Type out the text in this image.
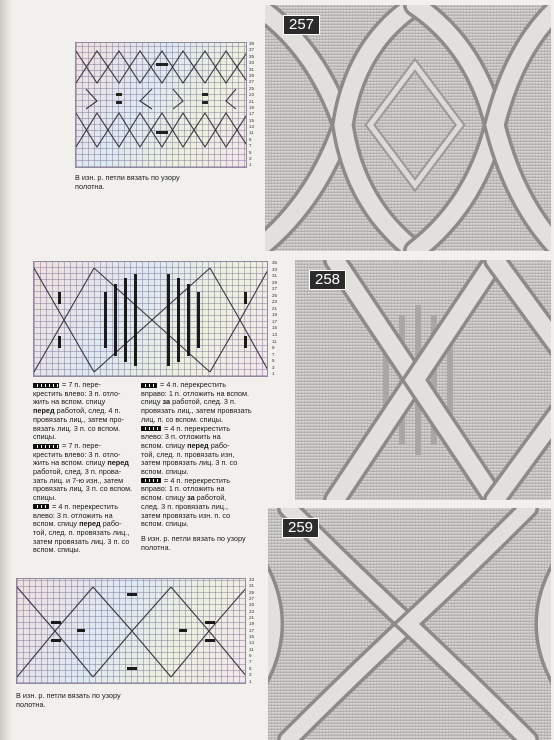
39
37
35
33
31
29
27
25
23
21
19
17
15
13
11
9
7
5
3
1
В изн. р. петли вязать по узору полотна.
35
33
31
29
27
25
23
21
19
17
15
13
11
9
7
5
3
1
= 7 п. пере-
крестить влево: 3 п. отло-
жить на вспом. спицу
перед работой, след. 4 п.
провязать лиц., затем про-
вязать лиц. 3 п. со вспом.
спицы.
= 7 п. пере-
крестить влево: 3 п. отло-
жить на вспом. спицу перед
работой, след. 3 п. прова-
зать лиц. и 7-ю изн., затем
провязать лиц. 3 п. со вспом.
спицы.
= 4 п. перекрестить
влево: 3 п. отложить на
вспом. спицу перед рабо-
той, след. п. провязать лиц.,
затем провязать лиц. 3 п. со
вспом. спицы.
= 4 п. перекрестить
вправо: 1 п. отложить на вспом.
спицу за работой, след. 3 п.
провязать лиц., затем провязать
лиц. п. со вспом. спицы.
= 4 п. перекрестить
влево: 3 п. отложить на
вспом. спицу перед рабо-
той, след. п. провязать изн,
затем провязать лиц. 3 п. со
вспом. спицы.
= 4 п. перекрестить
вправо: 1 п. отложить на
вспом. спицу за работой,
след. 3 п. провязать лиц.,
затем провязать изн. п. со
вспом. спицы.
В изн. р. петли вязать по узору полотна.
33
31
29
27
25
23
21
19
17
15
13
11
9
7
5
3
1
В изн. р. петли вязать по узору полотна.
257
258
259
